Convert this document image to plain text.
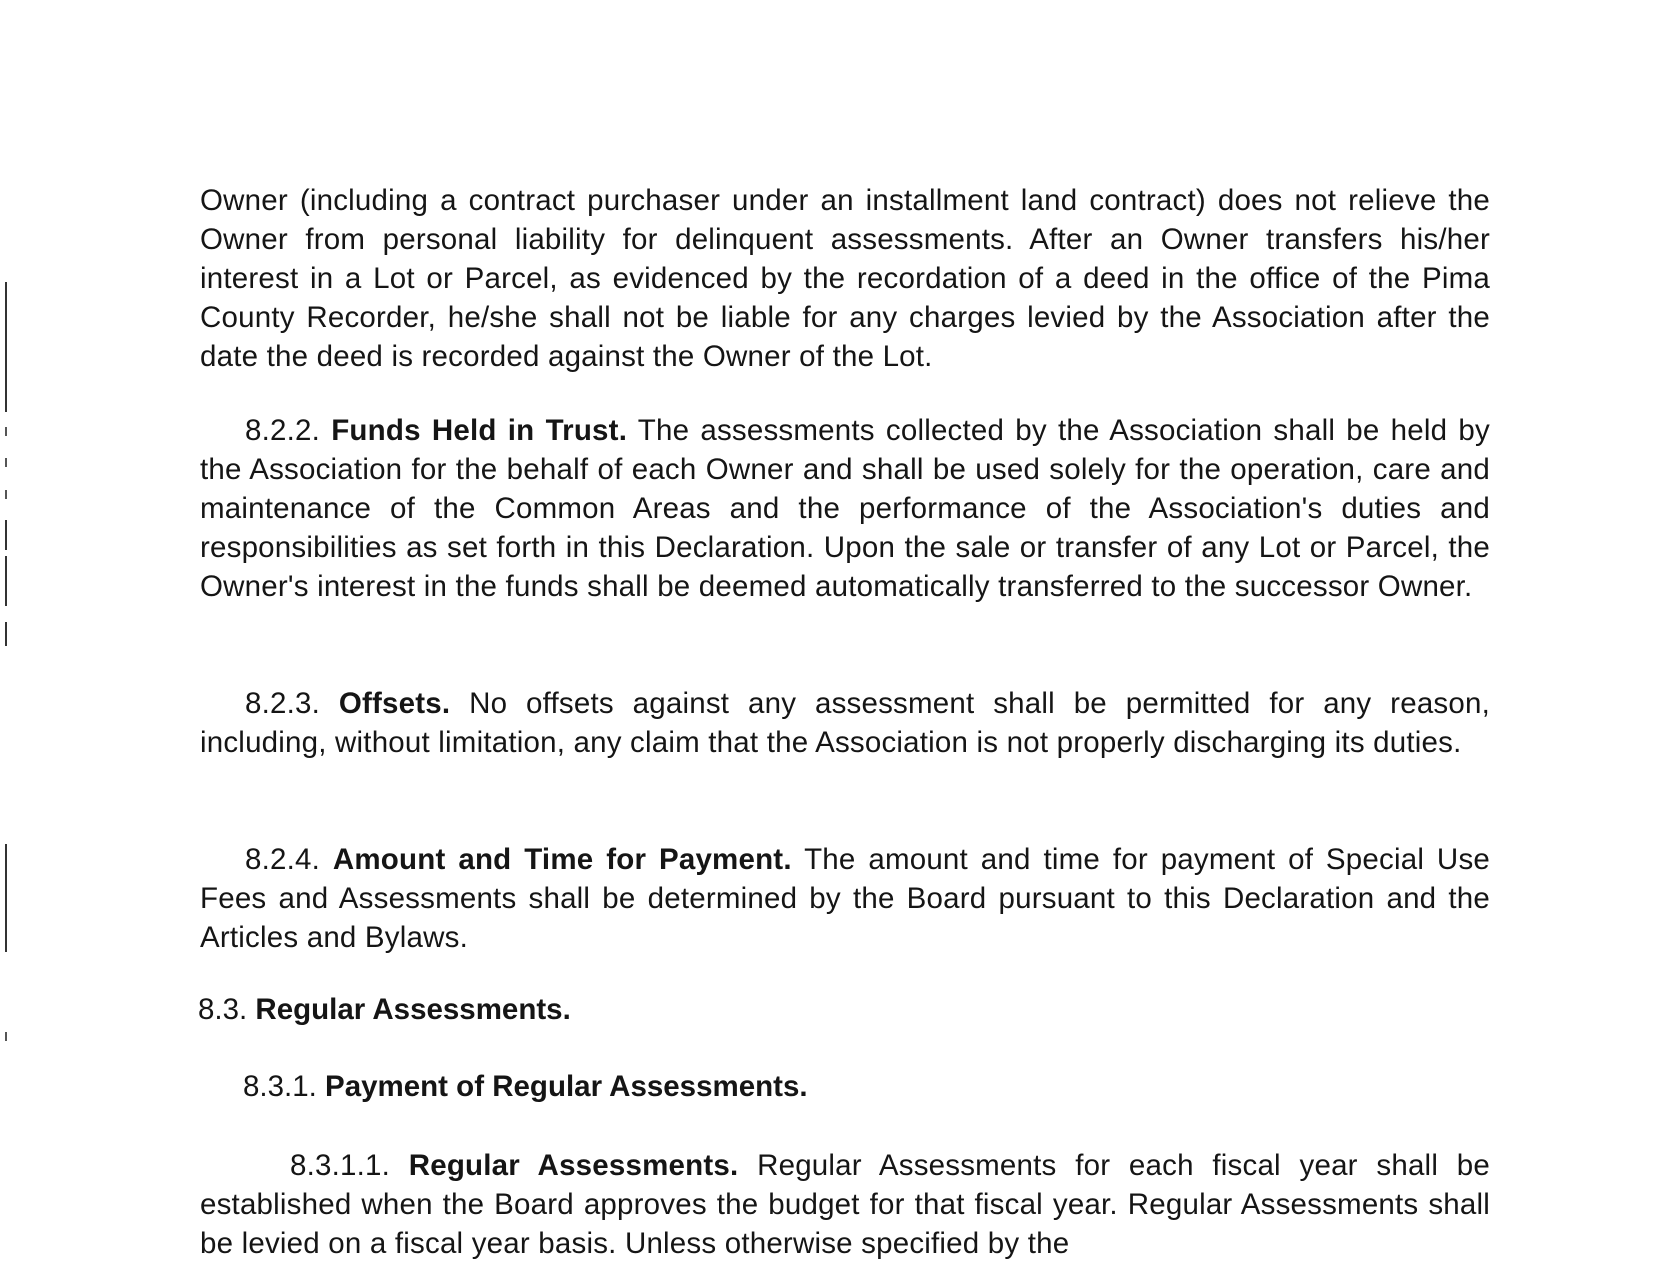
Owner (including a contract purchaser under an installment land contract) does not relieve the Owner from personal liability for delinquent assessments. After an Owner transfers his/her interest in a Lot or Parcel, as evidenced by the recordation of a deed in the office of the Pima County Recorder, he/she shall not be liable for any charges levied by the Association after the date the deed is recorded against the Owner of the Lot.
8.2.2. Funds Held in Trust. The assessments collected by the Association shall be held by the Association for the behalf of each Owner and shall be used solely for the operation, care and maintenance of the Common Areas and the performance of the Association's duties and responsibilities as set forth in this Declaration. Upon the sale or transfer of any Lot or Parcel, the Owner's interest in the funds shall be deemed automatically transferred to the successor Owner.
8.2.3. Offsets. No offsets against any assessment shall be permitted for any reason, including, without limitation, any claim that the Association is not properly discharging its duties.
8.2.4. Amount and Time for Payment. The amount and time for payment of Special Use Fees and Assessments shall be determined by the Board pursuant to this Declaration and the Articles and Bylaws.
8.3. Regular Assessments.
8.3.1. Payment of Regular Assessments.
8.3.1.1. Regular Assessments. Regular Assessments for each fiscal year shall be established when the Board approves the budget for that fiscal year. Regular Assessments shall be levied on a fiscal year basis. Unless otherwise specified by the
